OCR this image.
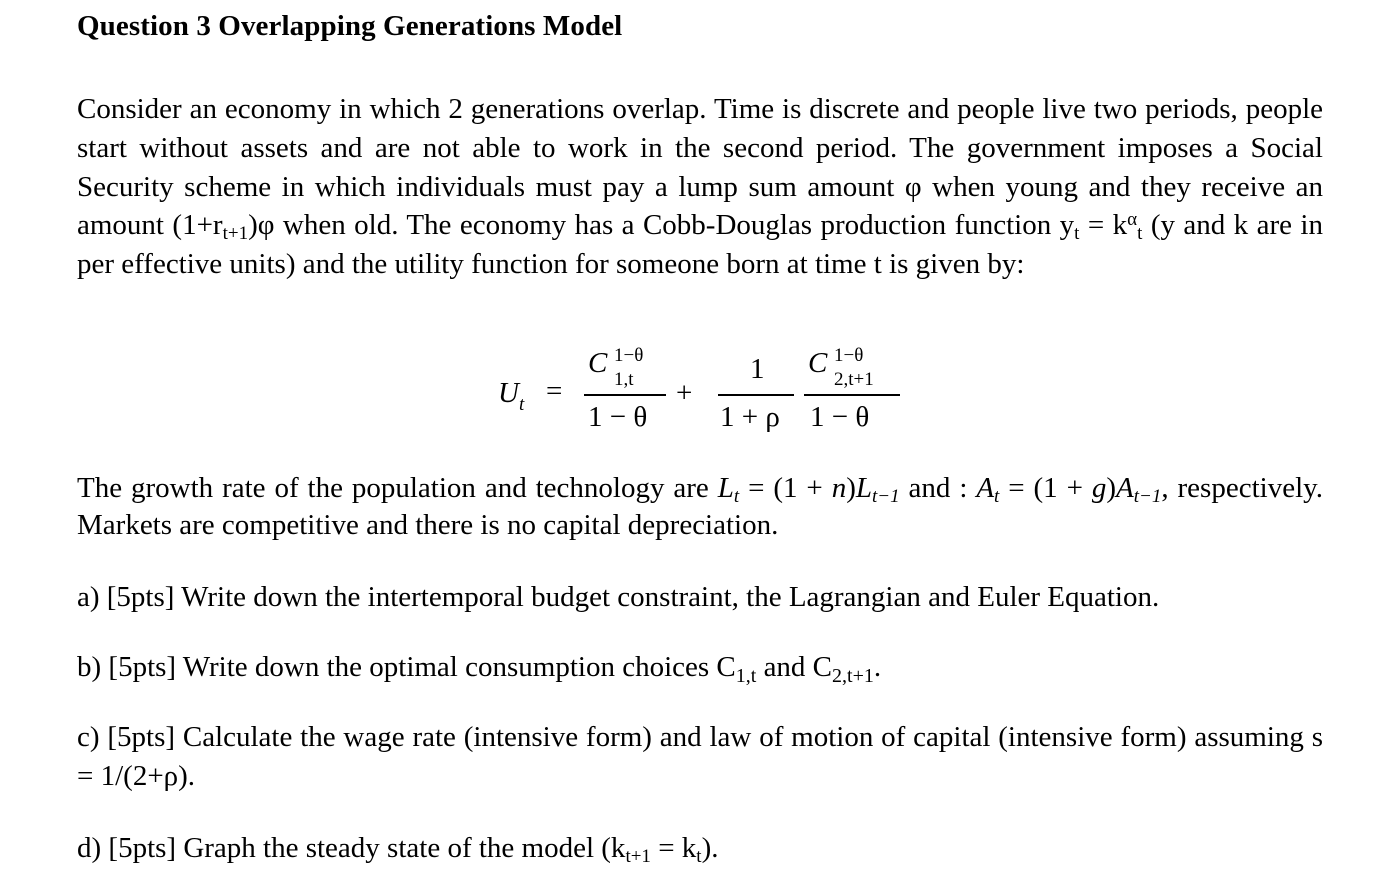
Question 3 Overlapping Generations Model
Consider an economy in which 2 generations overlap. Time is discrete and people live two periods, people start without assets and are not able to work in the second period. The government imposes a Social Security scheme in which individuals must pay a lump sum amount φ when young and they receive an amount $(1+r_{t+1})\varphi$ when old. The economy has a Cobb-Douglas production function $y_t = k^\alpha_t$ (y and k are in per effective units) and the utility function for someone born at time t is given by:
$U_t$ =
C 1−θ
1,t
1 − θ
+
1
1 + ρ
C 1−θ
2,t+1
1 − θ
The growth rate of the population and technology are $L_t = (1 + n)L_{t-1}$ and : $A_t = (1 + g)A_{t-1}$, respectively. Markets are competitive and there is no capital depreciation.
a) [5pts] Write down the intertemporal budget constraint, the Lagrangian and Euler Equation.
b) [5pts] Write down the optimal consumption choices $C_{1,t}$ and $C_{2,t+1}$.
c) [5pts] Calculate the wage rate (intensive form) and law of motion of capital (intensive form) assuming s = 1/(2+ρ).
d) [5pts] Graph the steady state of the model $(k_{t+1} = k_t)$.
